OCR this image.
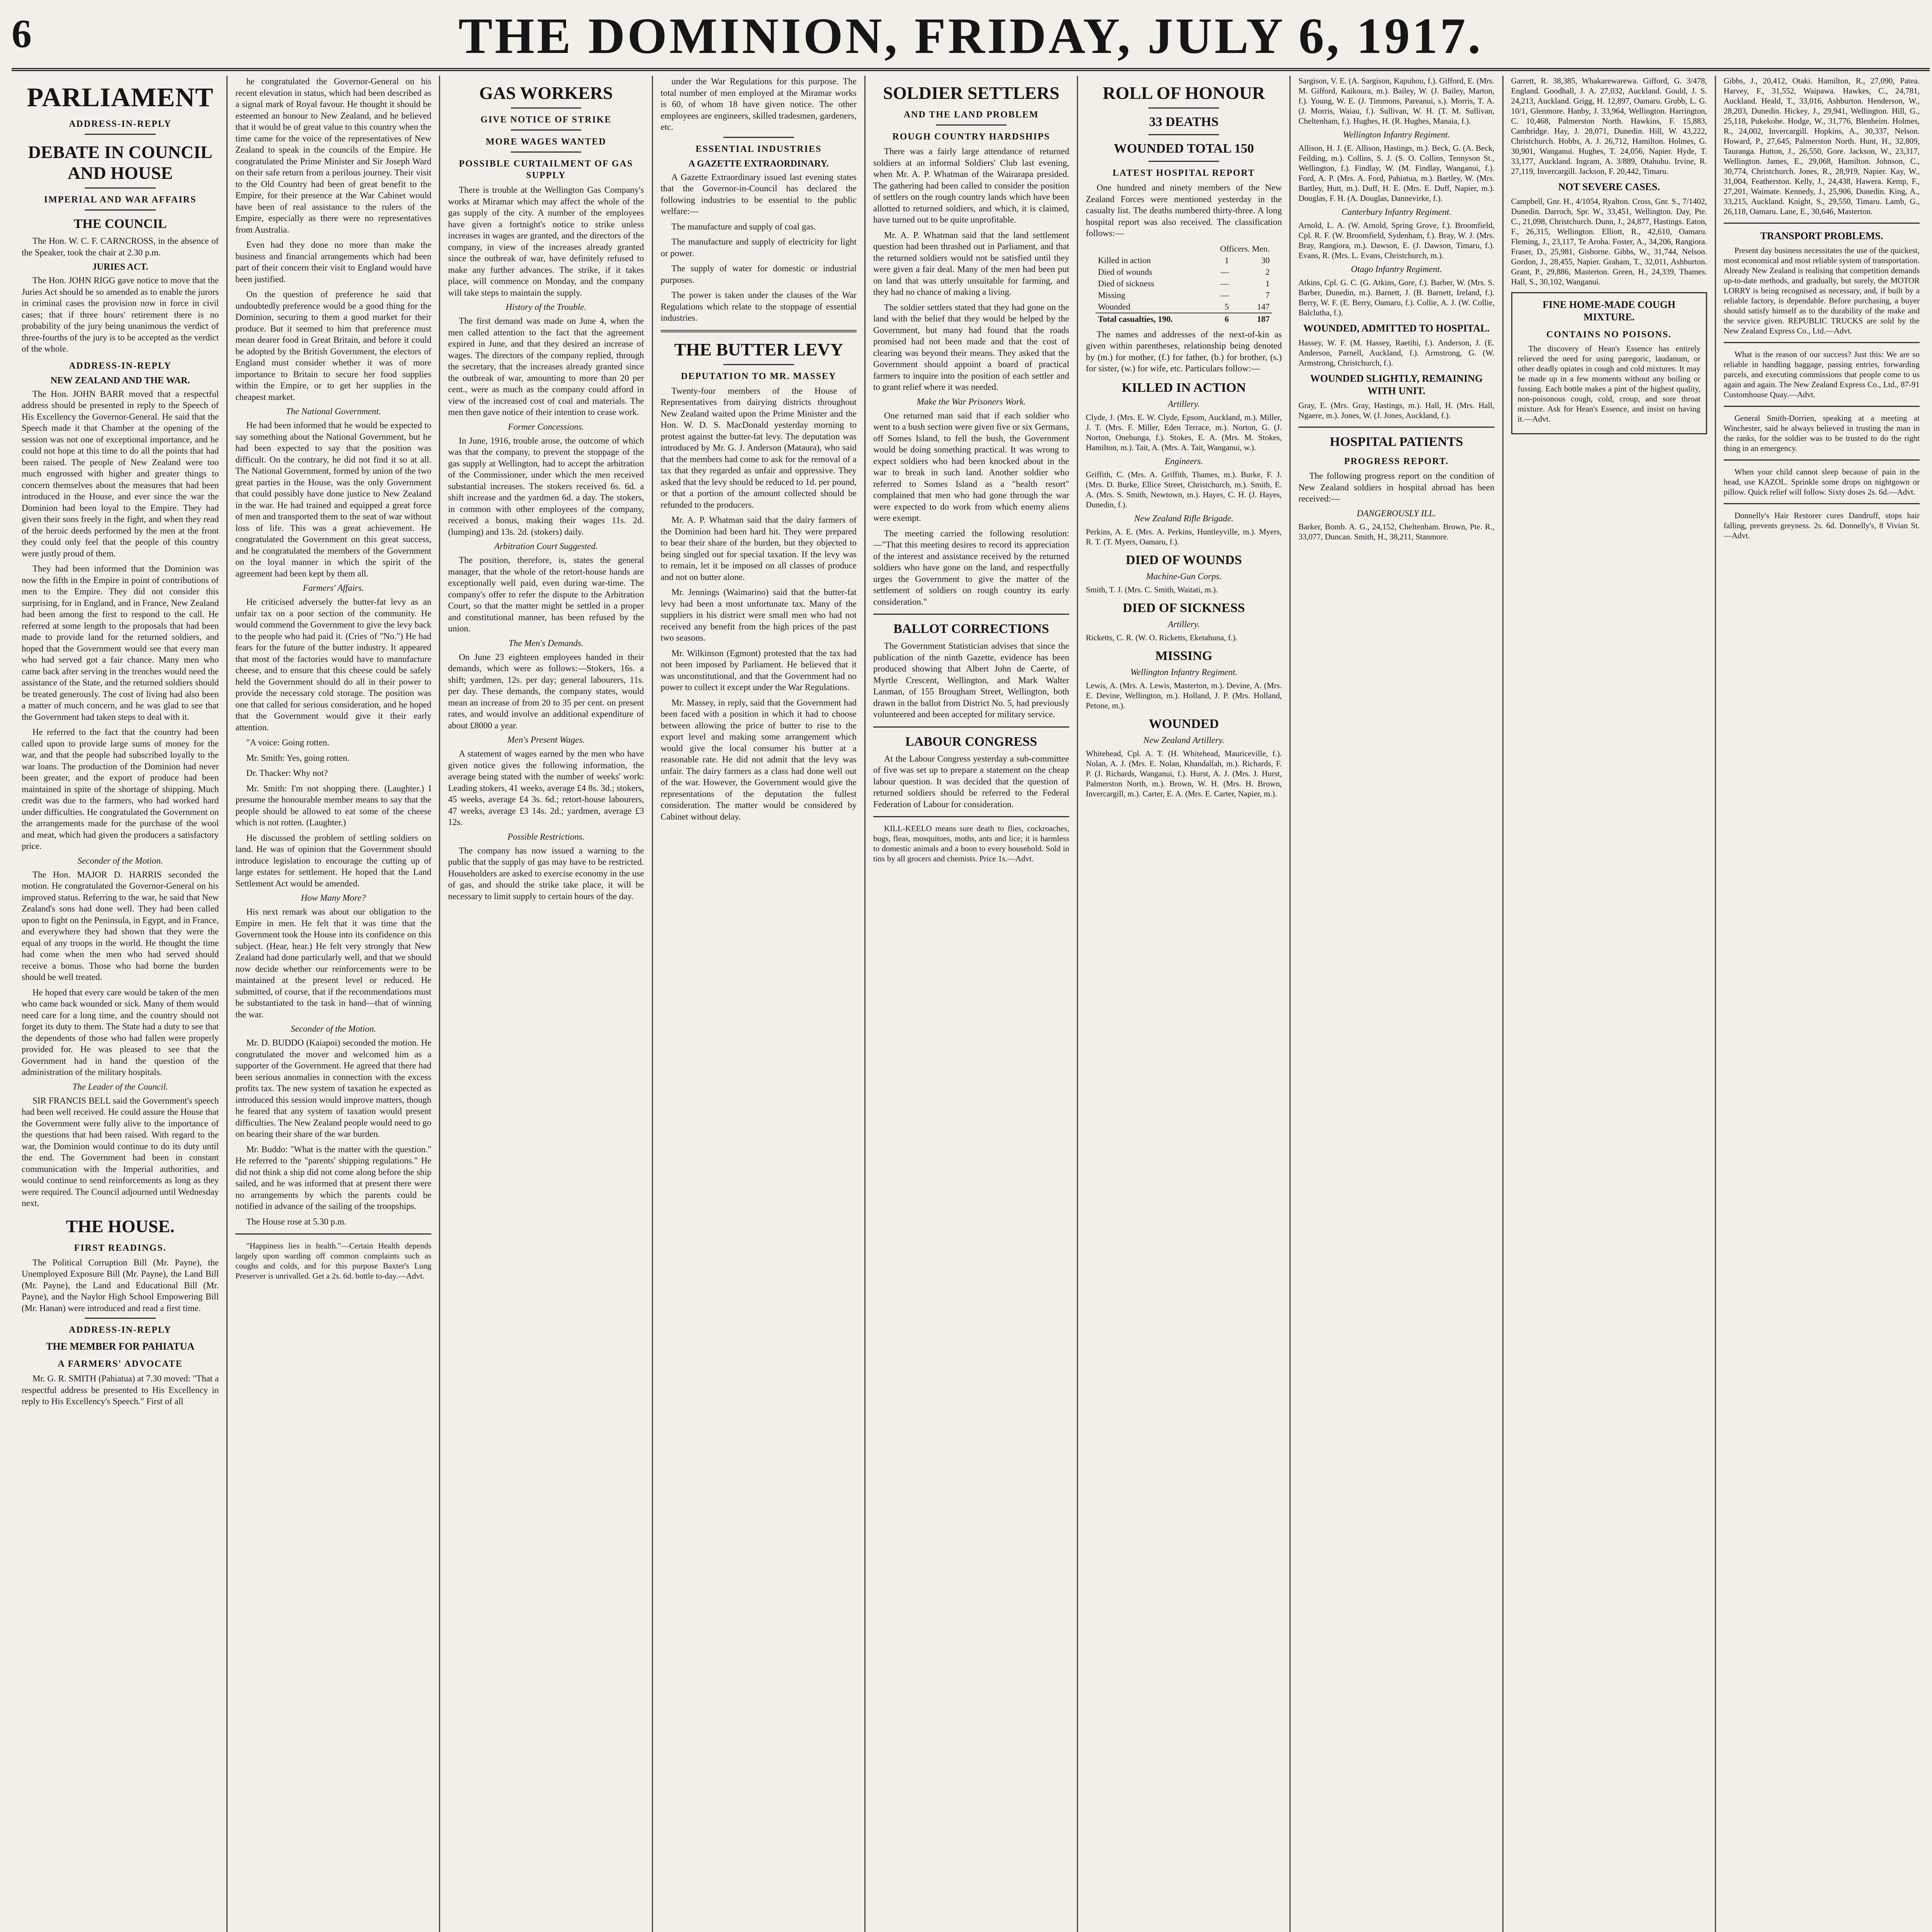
6	THE DOMINION, FRIDAY, JULY 6, 1917.
PARLIAMENT
ADDRESS-IN-REPLY
DEBATE IN COUNCIL AND HOUSE
IMPERIAL AND WAR AFFAIRS
THE COUNCIL

The Hon. W. C. F. CARNCROSS, in the absence of the Speaker, took the chair at 2.30 p.m.

JURIES ACT.

The Hon. JOHN RIGG gave notice to move that the Juries Act should be so amended as to enable the jurors in criminal cases the provision now in force in civil cases; that if three hours' retirement there is no probability of the jury being unanimous the verdict of three-fourths of the jury is to be accepted as the verdict of the whole.

ADDRESS-IN-REPLY
NEW ZEALAND AND THE WAR.

The Hon. JOHN BARR moved that a respectful address should be presented in reply to the Speech of His Excellency the Governor-General. He said that the Speech made it that Chamber at the opening of the session was not one of exceptional importance, and he could not hope at this time to do all the points that had been raised. The people of New Zealand were too much engrossed with higher and greater things to concern themselves about the measures that had been introduced in the House, and ever since the war the Dominion had been loyal to the Empire. They had given their sons freely in the fight, and when they read of the heroic deeds performed by the men at the front they could only feel that the people of this country were justly proud of them.

They had been informed that the Dominion was now the fifth in the Empire in point of contributions of men to the Empire. They did not consider this surprising, for in England, and in France, New Zealand had been among the first to respond to the call. He referred at some length to the proposals that had been made to provide land for the returned soldiers, and hoped that the Government would see that every man who had served got a fair chance. Many men who came back after serving in the trenches would need the assistance of the State, and the returned soldiers should be treated generously. The cost of living had also been a matter of much concern, and he was glad to see that the Government had taken steps to deal with it.

He referred to the fact that the country had been called upon to provide large sums of money for the war, and that the people had subscribed loyally to the war loans. The production of the Dominion had never been greater, and the export of produce had been maintained in spite of the shortage of shipping. Much credit was due to the farmers, who had worked hard under difficulties. He congratulated the Government on the arrangements made for the purchase of the wool and meat, which had given the producers a satisfactory price.

Seconder of the Motion.

The Hon. MAJOR D. HARRIS seconded the motion. He congratulated the Governor-General on his improved status. Referring to the war, he said that New Zealand's sons had done well. They had been called upon to fight on the Peninsula, in Egypt, and in France, and everywhere they had shown that they were the equal of any troops in the world. He thought the time had come when the men who had served should receive a bonus. Those who had borne the burden should be well treated.

He hoped that every care would be taken of the men who came back wounded or sick. Many of them would need care for a long time, and the country should not forget its duty to them. The State had a duty to see that the dependents of those who had fallen were properly provided for. He was pleased to see that the Government had in hand the question of the administration of the military hospitals.

The Leader of the Council.

SIR FRANCIS BELL said the Government's speech had been well received. He could assure the House that the Government were fully alive to the importance of the questions that had been raised. With regard to the war, the Dominion would continue to do its duty until the end. The Government had been in constant communication with the Imperial authorities, and would continue to send reinforcements as long as they were required. The Council adjourned until Wednesday next.

THE HOUSE.
FIRST READINGS.

The Political Corruption Bill (Mr. Payne), the Unemployed Exposure Bill (Mr. Payne), the Land Bill (Mr. Payne), the Land and Educational Bill (Mr. Payne), and the Naylor High School Empowering Bill (Mr. Hanan) were introduced and read a first time.

ADDRESS-IN-REPLY
THE MEMBER FOR PAHIATUA
A FARMERS' ADVOCATE

Mr. G. R. SMITH (Pahiatua) at 7.30 moved: "That a respectful address be presented to His Excellency in reply to His Excellency's Speech." First of all

he congratulated the Governor-General on his recent elevation in status, which had been described as a signal mark of Royal favour. He thought it should be esteemed an honour to New Zealand, and he believed that it would be of great value to this country when the time came for the voice of the representatives of New Zealand to speak in the councils of the Empire. He congratulated the Prime Minister and Sir Joseph Ward on their safe return from a perilous journey. Their visit to the Old Country had been of great benefit to the Empire, for their presence at the War Cabinet would have been of real assistance to the rulers of the Empire, especially as there were no representatives from Australia.

Even had they done no more than make the business and financial arrangements which had been part of their concern their visit to England would have been justified.

On the question of preference he said that undoubtedly preference would be a good thing for the Dominion, securing to them a good market for their produce. But it seemed to him that preference must mean dearer food in Great Britain, and before it could be adopted by the British Government, the electors of England must consider whether it was of more importance to Britain to secure her food supplies within the Empire, or to get her supplies in the cheapest market.

The National Government.

He had been informed that he would be expected to say something about the National Government, but he had been expected to say that the position was difficult. On the contrary, he did not find it so at all. The National Government, formed by union of the two great parties in the House, was the only Government that could possibly have done justice to New Zealand in the war. He had trained and equipped a great force of men and transported them to the seat of war without loss of life. This was a great achievement. He congratulated the Government on this great success, and he congratulated the members of the Government on the loyal manner in which the spirit of the agreement had been kept by them all.

Farmers' Affairs.

He criticised adversely the butter-fat levy as an unfair tax on a poor section of the community. He would commend the Government to give the levy back to the people who had paid it. (Cries of "No.") He had fears for the future of the butter industry. It appeared that most of the factories would have to manufacture cheese, and to ensure that this cheese could be safely held the Government should do all in their power to provide the necessary cold storage. The position was one that called for serious consideration, and he hoped that the Government would give it their early attention.

"A voice: Going rotten.

Mr. Smith: Yes, going rotten.

Dr. Thacker: Why not?

Mr. Smith: I'm not shopping there. (Laughter.) I presume the honourable member means to say that the people should be allowed to eat some of the cheese which is not rotten. (Laughter.)

He discussed the problem of settling soldiers on land. He was of opinion that the Government should introduce legislation to encourage the cutting up of large estates for settlement. He hoped that the Land Settlement Act would be amended.

How Many More?

His next remark was about our obligation to the Empire in men. He felt that it was time that the Government took the House into its confidence on this subject. (Hear, hear.) He felt very strongly that New Zealand had done particularly well, and that we should now decide whether our reinforcements were to be maintained at the present level or reduced. He submitted, of course, that if the recommendations must be substantiated to the task in hand—that of winning the war.

Seconder of the Motion.

Mr. D. BUDDO (Kaiapoi) seconded the motion. He congratulated the mover and welcomed him as a supporter of the Government. He agreed that there had been serious anomalies in connection with the excess profits tax. The new system of taxation he expected as introduced this session would improve matters, though he feared that any system of taxation would present difficulties. The New Zealand people would need to go on bearing their share of the war burden.

Mr. Buddo: "What is the matter with the question." He referred to the "parents' shipping regulations." He did not think a ship did not come along before the ship sailed, and he was informed that at present there were no arrangements by which the parents could be notified in advance of the sailing of the troopships.

The House rose at 5.30 p.m.

"Happiness lies in health."—Certain Health depends largely upon warding off common complaints such as coughs and colds, and for this purpose Baxter's Lung Preserver is unrivalled. Get a 2s. 6d. bottle to-day.—Advt.

GAS WORKERS
GIVE NOTICE OF STRIKE
MORE WAGES WANTED
POSSIBLE CURTAILMENT OF GAS SUPPLY

There is trouble at the Wellington Gas Company's works at Miramar which may affect the whole of the gas supply of the city. A number of the employees have given a fortnight's notice to strike unless increases in wages are granted, and the directors of the company, in view of the increases already granted since the outbreak of war, have definitely refused to make any further advances. The strike, if it takes place, will commence on Monday, and the company will take steps to maintain the supply.

History of the Trouble.

The first demand was made on June 4, when the men called attention to the fact that the agreement expired in June, and that they desired an increase of wages. The directors of the company replied, through the secretary, that the increases already granted since the outbreak of war, amounting to more than 20 per cent., were as much as the company could afford in view of the increased cost of coal and materials. The men then gave notice of their intention to cease work.

Former Concessions.

In June, 1916, trouble arose, the outcome of which was that the company, to prevent the stoppage of the gas supply at Wellington, had to accept the arbitration of the Commissioner, under which the men received substantial increases. The stokers received 6s. 6d. a shift increase and the yardmen 6d. a day. The stokers, in common with other employees of the company, received a bonus, making their wages 11s. 2d. (lumping) and 13s. 2d. (stokers) daily.

Arbitration Court Suggested.

The position, therefore, is, states the general manager, that the whole of the retort-house hands are exceptionally well paid, even during war-time. The company's offer to refer the dispute to the Arbitration Court, so that the matter might be settled in a proper and constitutional manner, has been refused by the union.

The Men's Demands.

On June 23 eighteen employees handed in their demands, which were as follows:—Stokers, 16s. a shift; yardmen, 12s. per day; general labourers, 11s. per day. These demands, the company states, would mean an increase of from 20 to 35 per cent. on present rates, and would involve an additional expenditure of about £8000 a year.

Men's Present Wages.

A statement of wages earned by the men who have given notice gives the following information, the average being stated with the number of weeks' work: Leading stokers, 41 weeks, average £4 8s. 3d.; stokers, 45 weeks, average £4 3s. 6d.; retort-house labourers, 47 weeks, average £3 14s. 2d.; yardmen, average £3 12s.

Possible Restrictions.

The company has now issued a warning to the public that the supply of gas may have to be restricted. Householders are asked to exercise economy in the use of gas, and should the strike take place, it will be necessary to limit supply to certain hours of the day.

under the War Regulations for this purpose. The total number of men employed at the Miramar works is 60, of whom 18 have given notice. The other employees are engineers, skilled tradesmen, gardeners, etc.

ESSENTIAL INDUSTRIES
A GAZETTE EXTRAORDINARY.

A Gazette Extraordinary issued last evening states that the Governor-in-Council has declared the following industries to be essential to the public welfare:—

The manufacture and supply of coal gas.

The manufacture and supply of electricity for light or power.

The supply of water for domestic or industrial purposes.

The power is taken under the clauses of the War Regulations which relate to the stoppage of essential industries.

THE BUTTER LEVY
DEPUTATION TO MR. MASSEY

Twenty-four members of the House of Representatives from dairying districts throughout New Zealand waited upon the Prime Minister and the Hon. W. D. S. MacDonald yesterday morning to protest against the butter-fat levy. The deputation was introduced by Mr. G. J. Anderson (Mataura), who said that the members had come to ask for the removal of a tax that they regarded as unfair and oppressive. They asked that the levy should be reduced to 1d. per pound, or that a portion of the amount collected should be refunded to the producers.

Mr. A. P. Whatman said that the dairy farmers of the Dominion had been hard hit. They were prepared to bear their share of the burden, but they objected to being singled out for special taxation. If the levy was to remain, let it be imposed on all classes of produce and not on butter alone.

Mr. Jennings (Waimarino) said that the butter-fat levy had been a most unfortunate tax. Many of the suppliers in his district were small men who had not received any benefit from the high prices of the past two seasons.

Mr. Wilkinson (Egmont) protested that the tax had not been imposed by Parliament. He believed that it was unconstitutional, and that the Government had no power to collect it except under the War Regulations.

Mr. Massey, in reply, said that the Government had been faced with a position in which it had to choose between allowing the price of butter to rise to the export level and making some arrangement which would give the local consumer his butter at a reasonable rate. He did not admit that the levy was unfair. The dairy farmers as a class had done well out of the war. However, the Government would give the representations of the deputation the fullest consideration. The matter would be considered by Cabinet without delay.

SOLDIER SETTLERS
AND THE LAND PROBLEM
ROUGH COUNTRY HARDSHIPS

There was a fairly large attendance of returned soldiers at an informal Soldiers' Club last evening, when Mr. A. P. Whatman of the Wairarapa presided. The gathering had been called to consider the position of settlers on the rough country lands which have been allotted to returned soldiers, and which, it is claimed, have turned out to be quite unprofitable.

Mr. A. P. Whatman said that the land settlement question had been thrashed out in Parliament, and that the returned soldiers would not be satisfied until they were given a fair deal. Many of the men had been put on land that was utterly unsuitable for farming, and they had no chance of making a living.

The soldier settlers stated that they had gone on the land with the belief that they would be helped by the Government, but many had found that the roads promised had not been made and that the cost of clearing was beyond their means. They asked that the Government should appoint a board of practical farmers to inquire into the position of each settler and to grant relief where it was needed.

Make the War Prisoners Work.

One returned man said that if each soldier who went to a bush section were given five or six Germans, off Somes Island, to fell the bush, the Government would be doing something practical. It was wrong to expect soldiers who had been knocked about in the war to break in such land. Another soldier who referred to Somes Island as a "health resort" complained that men who had gone through the war were expected to do work from which enemy aliens were exempt.

The meeting carried the following resolution:—"That this meeting desires to record its appreciation of the interest and assistance received by the returned soldiers who have gone on the land, and respectfully urges the Government to give the matter of the settlement of soldiers on rough country its early consideration."

BALLOT CORRECTIONS

The Government Statistician advises that since the publication of the ninth Gazette, evidence has been produced showing that Albert John de Caerte, of Myrtle Crescent, Wellington, and Mark Walter Lanman, of 155 Brougham Street, Wellington, both drawn in the ballot from District No. 5, had previously volunteered and been accepted for military service.

LABOUR CONGRESS

At the Labour Congress yesterday a sub-committee of five was set up to prepare a statement on the cheap labour question. It was decided that the question of returned soldiers should be referred to the Federal Federation of Labour for consideration.

KILL-KEELO means sure death to flies, cockroaches, bugs, fleas, mosquitoes, moths, ants and lice; it is harmless to domestic animals and a boon to every household. Sold in tins by all grocers and chemists. Price 1s.—Advt.

ROLL OF HONOUR
33 DEATHS
WOUNDED TOTAL 150
LATEST HOSPITAL REPORT

One hundred and ninety members of the New Zealand Forces were mentioned yesterday in the casualty list. The deaths numbered thirty-three. A long hospital report was also received. The classification follows:—

	Officers. Men.	
Killed in action	1	30
Died of wounds	—	2
Died of sickness	—	1
Missing	—	7
Wounded	5	147
Total casualties, 190.	6	187

The names and addresses of the next-of-kin as given within parentheses, relationship being denoted by (m.) for mother, (f.) for father, (b.) for brother, (s.) for sister, (w.) for wife, etc. Particulars follow:—

KILLED IN ACTION
Artillery.

Clyde, J. (Mrs. E. W. Clyde, Epsom, Auckland, m.). Miller, J. T. (Mrs. F. Miller, Eden Terrace, m.). Norton, G. (J. Norton, Onehunga, f.). Stokes, E. A. (Mrs. M. Stokes, Hamilton, m.). Tait, A. (Mrs. A. Tait, Wanganui, w.).

Engineers.

Griffith, C. (Mrs. A. Griffith, Thames, m.). Burke, F. J. (Mrs. D. Burke, Ellice Street, Christchurch, m.). Smith, E. A. (Mrs. S. Smith, Newtown, m.). Hayes, C. H. (J. Hayes, Dunedin, f.).

New Zealand Rifle Brigade.

Perkins, A. E. (Mrs. A. Perkins, Huntleyville, m.). Myers, R. T. (T. Myers, Oamaru, f.).

DIED OF WOUNDS
Machine-Gun Corps.

Smith, T. J. (Mrs. C. Smith, Waitati, m.).

DIED OF SICKNESS
Artillery.

Ricketts, C. R. (W. O. Ricketts, Eketahuna, f.).

MISSING
Wellington Infantry Regiment.

Lewis, A. (Mrs. A. Lewis, Masterton, m.). Devine, A. (Mrs. E. Devine, Wellington, m.). Holland, J. P. (Mrs. Holland, Petone, m.).

WOUNDED
New Zealand Artillery.

Whitehead, Cpl. A. T. (H. Whitehead, Mauriceville, f.). Nolan, A. J. (Mrs. E. Nolan, Khandallah, m.). Richards, F. P. (J. Richards, Wanganui, f.). Hurst, A. J. (Mrs. J. Hurst, Palmerston North, m.). Brown, W. H. (Mrs. H. Brown, Invercargill, m.). Carter, E. A. (Mrs. E. Carter, Napier, m.).

Sargison, V. E. (A. Sargison, Kapuhou, f.). Gifford, E. (Mrs. M. Gifford, Kaikoura, m.). Bailey, W. (J. Bailey, Marton, f.). Young, W. E. (J. Timmons, Pareanui, s.). Morris, T. A. (J. Morris, Waiau, f.). Sullivan, W. H. (T. M. Sullivan, Cheltenham, f.). Hughes, H. (R. Hughes, Manaia, f.).

Wellington Infantry Regiment.

Allison, H. J. (E. Allison, Hastings, m.). Beck, G. (A. Beck, Feilding, m.). Collins, S. J. (S. O. Collins, Tennyson St., Wellington, f.). Findlay, W. (M. Findlay, Wanganui, f.). Ford, A. P. (Mrs. A. Ford, Pahiatua, m.). Bartley, W. (Mrs. Bartley, Hutt, m.). Duff, H. E. (Mrs. E. Duff, Napier, m.). Douglas, F. H. (A. Douglas, Dannevirke, f.).

Canterbury Infantry Regiment.

Arnold, L. A. (W. Arnold, Spring Grove, f.). Broomfield, Cpl. R. F. (W. Broomfield, Sydenham, f.). Bray, W. J. (Mrs. Bray, Rangiora, m.). Dawson, E. (J. Dawson, Timaru, f.). Evans, R. (Mrs. L. Evans, Christchurch, m.).

Otago Infantry Regiment.

Atkins, Cpl. G. C. (G. Atkins, Gore, f.). Barber, W. (Mrs. S. Barber, Dunedin, m.). Barnett, J. (B. Barnett, Ireland, f.). Berry, W. F. (E. Berry, Oamaru, f.). Collie, A. J. (W. Collie, Balclutha, f.).

WOUNDED, ADMITTED TO HOSPITAL.

Hassey, W. F. (M. Hassey, Raetihi, f.). Anderson, J. (E. Anderson, Parnell, Auckland, f.). Armstrong, G. (W. Armstrong, Christchurch, f.).

WOUNDED SLIGHTLY, REMAINING WITH UNIT.

Gray, E. (Mrs. Gray, Hastings, m.). Hall, H. (Mrs. Hall, Ngaere, m.). Jones, W. (J. Jones, Auckland, f.).

HOSPITAL PATIENTS
PROGRESS REPORT.

The following progress report on the condition of New Zealand soldiers in hospital abroad has been received:—

DANGEROUSLY ILL.

Barker, Bomb. A. G., 24,152, Cheltenham. Brown, Pte. R., 33,077, Duncan. Smith, H., 38,211, Stanmore.

Garrett, R. 38,385, Whakarewarewa. Gifford, G. 3/478, England. Goodhall, J. A. 27,032, Auckland. Gould, J. S. 24,213, Auckland. Grigg, H. 12,897, Oamaru. Grubb, L. G. 10/1, Glenmore. Hanby, J. 33,964, Wellington. Harrington, C. 10,468, Palmerston North. Hawkins, F. 15,883, Cambridge. Hay, J. 28,071, Dunedin. Hill, W. 43,222, Christchurch. Hobbs, A. J. 26,712, Hamilton. Holmes, G. 30,901, Wanganui. Hughes, T. 24,056, Napier. Hyde, T. 33,177, Auckland. Ingram, A. 3/889, Otahuhu. Irvine, R. 27,119, Invercargill. Jackson, F. 20,442, Timaru.

NOT SEVERE CASES.

Campbell, Gnr. H., 4/1054, Ryalton. Cross, Gnr. S., 7/1402, Dunedin. Darroch, Spr. W., 33,451, Wellington. Day, Pte. C., 21,098, Christchurch. Dunn, J., 24,877, Hastings. Eaton, F., 26,315, Wellington. Elliott, R., 42,610, Oamaru. Fleming, J., 23,117, Te Aroha. Foster, A., 34,206, Rangiora. Fraser, D., 25,981, Gisborne. Gibbs, W., 31,744, Nelson. Gordon, J., 28,455, Napier. Graham, T., 32,011, Ashburton. Grant, P., 29,886, Masterton. Green, H., 24,339, Thames. Hall, S., 30,102, Wanganui.

FINE HOME-MADE COUGH MIXTURE.
CONTAINS NO POISONS.

The discovery of Hean's Essence has entirely relieved the need for using paregoric, laudanum, or other deadly opiates in cough and cold mixtures. It may be made up in a few moments without any boiling or fussing. Each bottle makes a pint of the highest quality, non-poisonous cough, cold, croup, and sore throat mixture. Ask for Hean's Essence, and insist on having it.—Advt.

Gibbs, J., 20,412, Otaki. Hamilton, R., 27,090, Patea. Harvey, F., 31,552, Waipawa. Hawkes, C., 24,781, Auckland. Heald, T., 33,016, Ashburton. Henderson, W., 28,203, Dunedin. Hickey, J., 29,941, Wellington. Hill, G., 25,118, Pukekohe. Hodge, W., 31,776, Blenheim. Holmes, R., 24,002, Invercargill. Hopkins, A., 30,337, Nelson. Howard, P., 27,645, Palmerston North. Hunt, H., 32,809, Tauranga. Hutton, J., 26,550, Gore. Jackson, W., 23,317, Wellington. James, E., 29,068, Hamilton. Johnson, C., 30,774, Christchurch. Jones, R., 28,919, Napier. Kay, W., 31,004, Featherston. Kelly, J., 24,438, Hawera. Kemp, F., 27,201, Waimate. Kennedy, J., 25,906, Dunedin. King, A., 33,215, Auckland. Knight, S., 29,550, Timaru. Lamb, G., 26,118, Oamaru. Lane, E., 30,646, Masterton.

TRANSPORT PROBLEMS.

Present day business necessitates the use of the quickest, most economical and most reliable system of transportation. Already New Zealand is realising that competition demands up-to-date methods, and gradually, but surely, the MOTOR LORRY is being recognised as necessary, and, if built by a reliable factory, is dependable. Before purchasing, a buyer should satisfy himself as to the durability of the make and the service given. REPUBLIC TRUCKS are sold by the New Zealand Express Co., Ltd.—Advt.

What is the reason of our success? Just this: We are so reliable in handling baggage, passing entries, forwarding parcels, and executing commissions that people come to us again and again. The New Zealand Express Co., Ltd., 87-91 Customhouse Quay.—Advt.

General Smith-Dorrien, speaking at a meeting at Winchester, said he always believed in trusting the man in the ranks, for the soldier was to be trusted to do the right thing in an emergency.

When your child cannot sleep because of pain in the head, use KAZOL. Sprinkle some drops on nightgown or pillow. Quick relief will follow. Sixty doses 2s. 6d.—Advt.

Donnelly's Hair Restorer cures Dandruff, stops hair falling, prevents greyness. 2s. 6d. Donnelly's, 8 Vivian St.—Advt.
